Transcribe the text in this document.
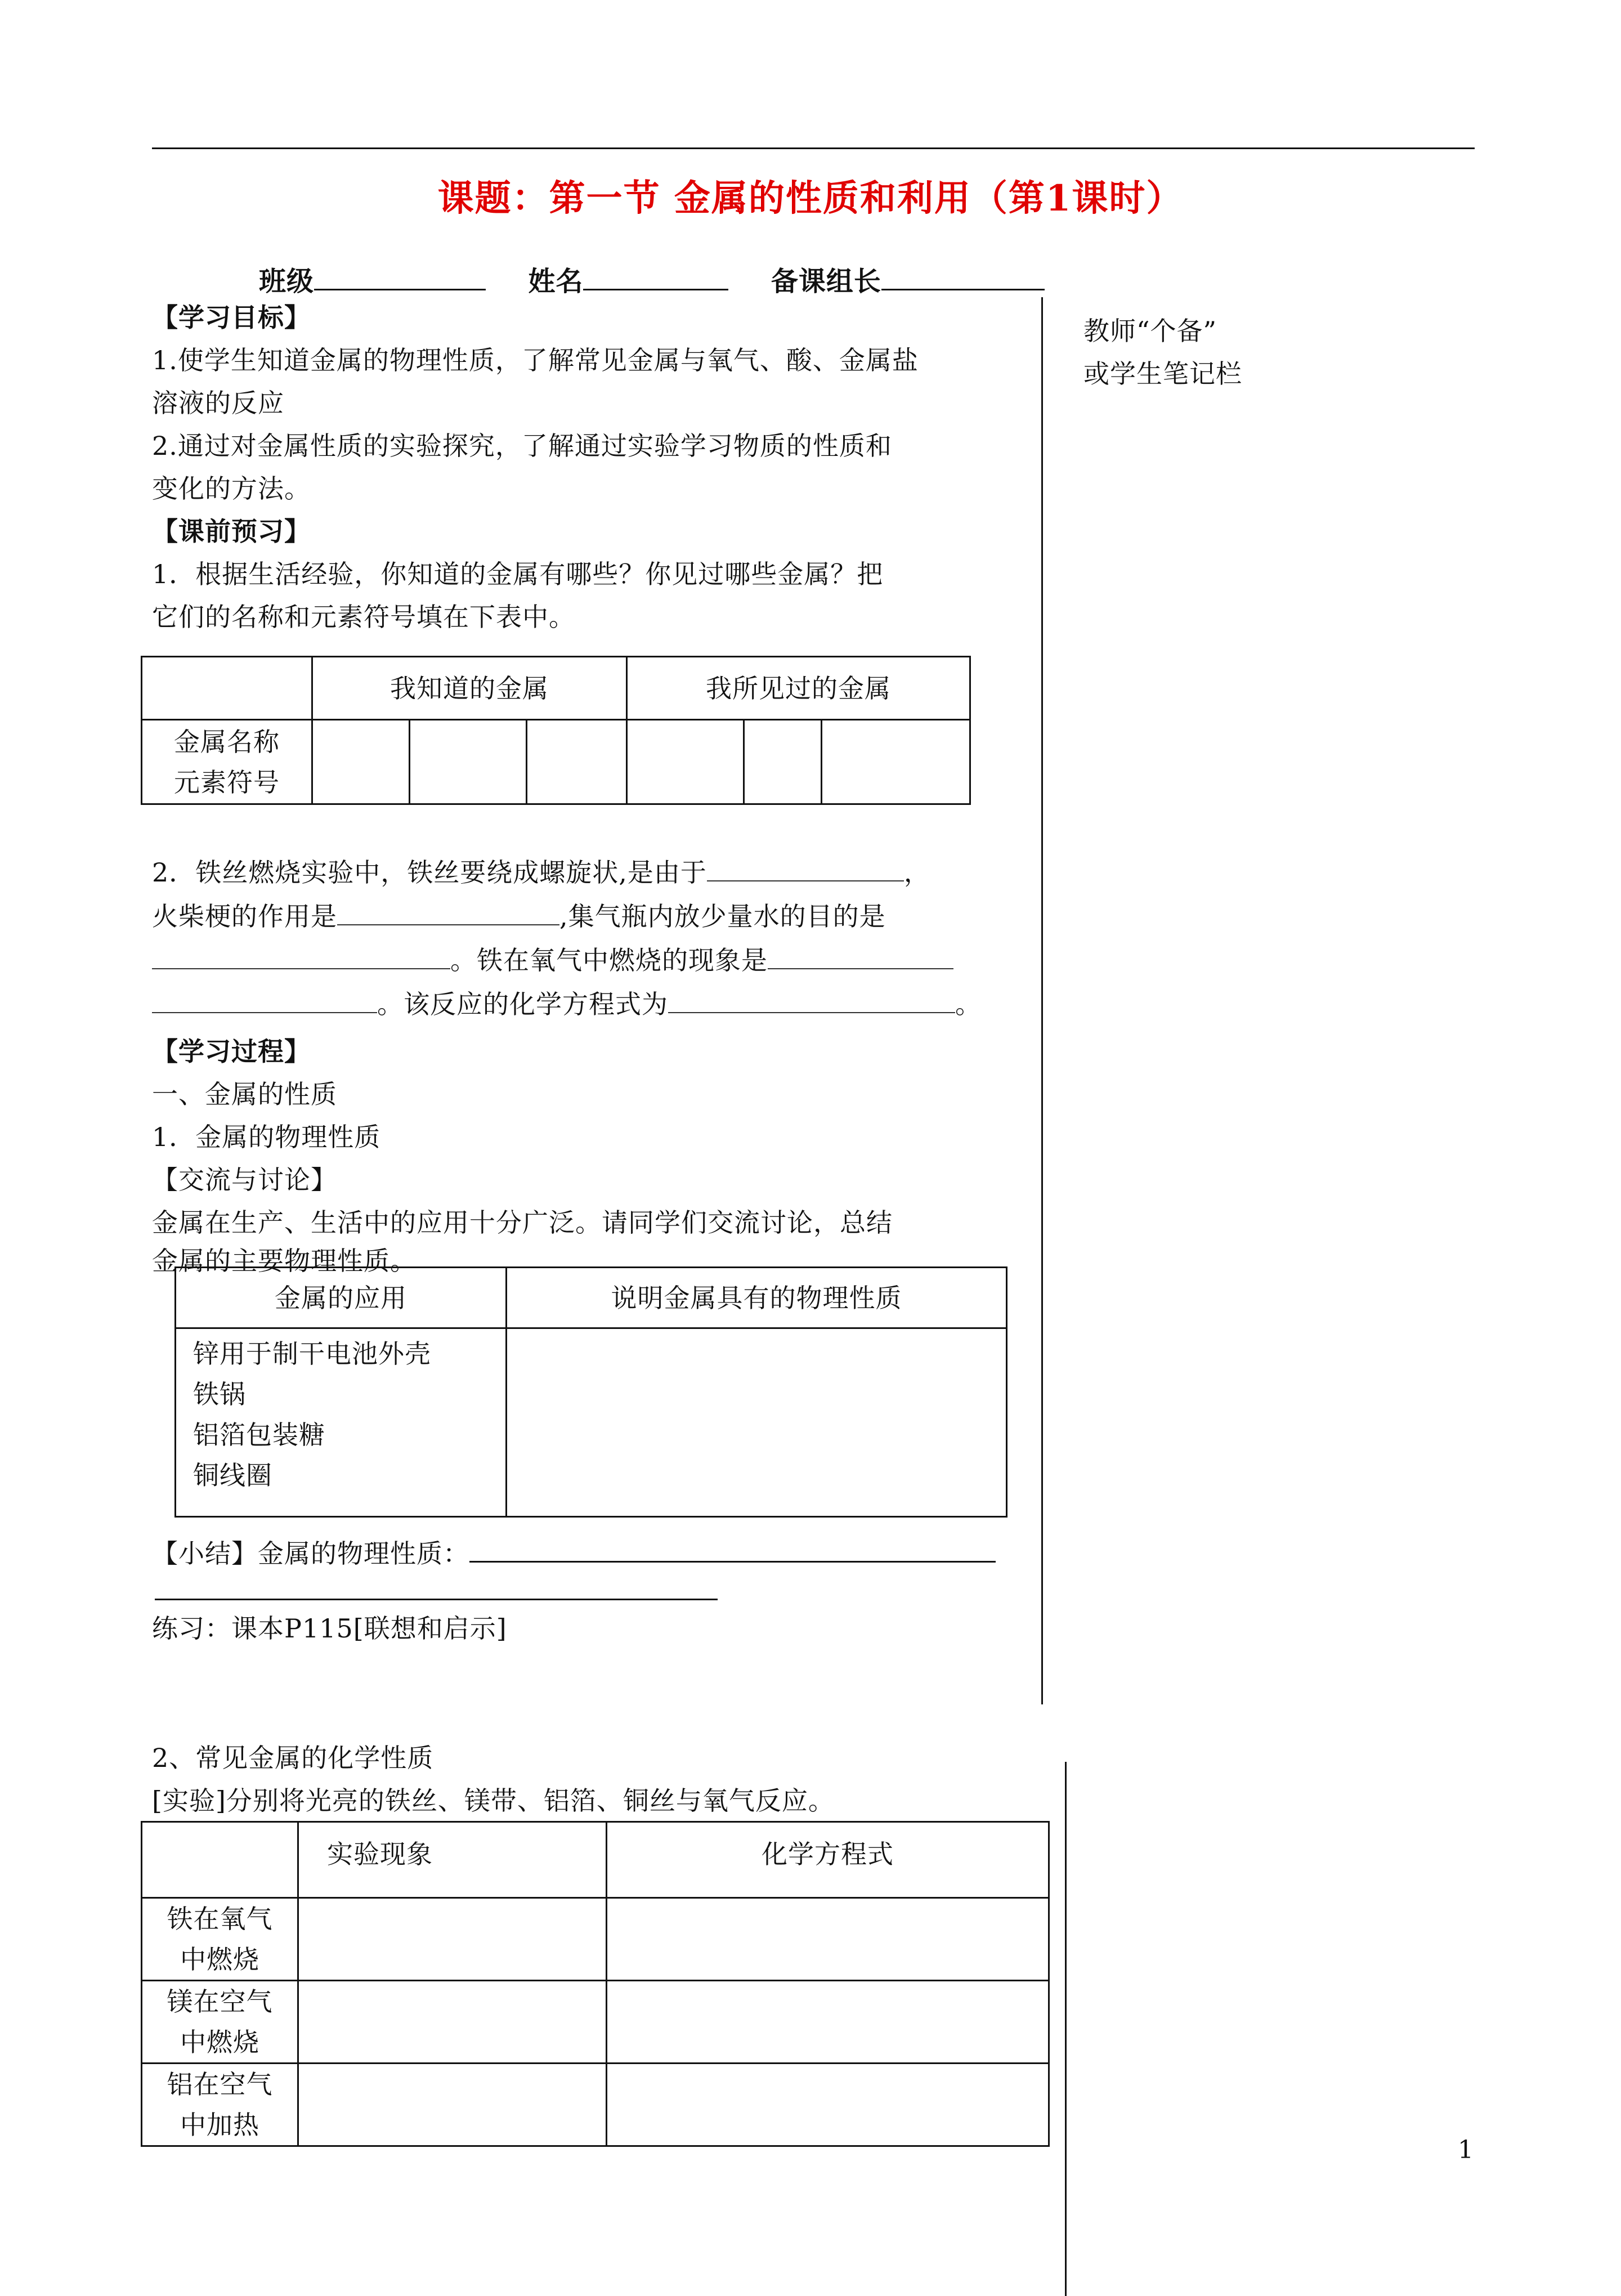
课题：第一节 金属的性质和利用（第1课时）
班级	姓名	备课组长
教师“个备”
或学生笔记栏
【学习目标】
1.使学生知道金属的物理性质，了解常见金属与氧气、酸、金属盐
溶液的反应
2.通过对金属性质的实验探究，了解通过实验学习物质的性质和
变化的方法。
【课前预习】
1．根据生活经验，你知道的金属有哪些？你见过哪些金属？把
它们的名称和元素符号填在下表中。
	我知道的金属			我所见过的金属		

金属名称
元素符号						

2．铁丝燃烧实验中，铁丝要绕成螺旋状,是由于	，
火柴梗的作用是	,集气瓶内放少量水的目的是
。铁在氧气中燃烧的现象是
。该反应的化学方程式为	。
【学习过程】
一、金属的性质
1．金属的物理性质
【交流与讨论】
金属在生产、生活中的应用十分广泛。请同学们交流讨论，总结
金属的主要物理性质。
金属的应用	说明金属具有的物理性质

锌用于制干电池外壳
铁锅
铝箔包装糖
铜线圈	

【小结】金属的物理性质：
练习：课本P115[联想和启示]
2、常见金属的化学性质
[实验]分别将光亮的铁丝、镁带、铝箔、铜丝与氧气反应。
	实验现象	化学方程式

铁在氧气
中燃烧		

镁在空气
中燃烧		

铝在空气
中加热		

1
